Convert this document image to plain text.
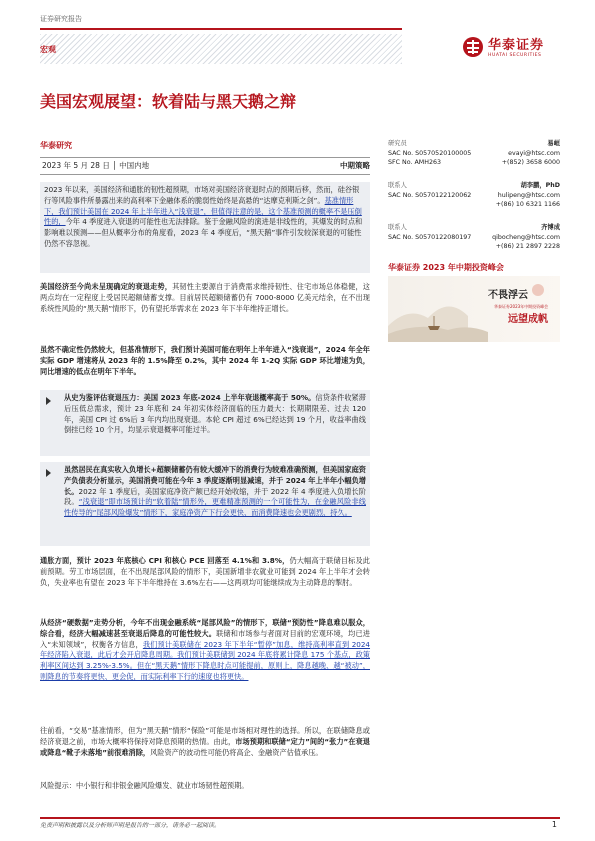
证券研究报告
宏观	华泰证券
HUATAI SECURITIES
美国宏观展望：软着陆与黑天鹅之辩
华泰研究
2023 年 5 月 28 日 │ 中国内地	中期策略
2023 年以来，美国经济和通胀的韧性超预期，市场对美国经济衰退时点的预期后移，然而，硅谷银行等风险事件所暴露出来的高利率下金融体系的脆弱性始终是高悬的“达摩克利斯之剑”。基准情形下，我们预计美国在 2024 年上半年进入“浅衰退”，但值得注意的是，这个基准预测的概率不是压倒性的，今年 4 季度进入衰退的可能性也无法排除。鉴于金融风险的演进是非线性的，其爆发的时点和影响难以预测——但从概率分布的角度看，2023 年 4 季度后，“黑天鹅”事件引发较深衰退的可能性仍然不容忽视。
美国经济至今尚未呈现确定的衰退走势，其韧性主要源自于消费需求维持韧性、住宅市场总体稳健，这两点均在一定程度上受居民超额储蓄支撑。目前居民超额储蓄仍有 7000-8000 亿美元结余，在不出现系统性风险的“黑天鹅”情形下，仍有望托举需求在 2023 年下半年维持正增长。
虽然不确定性仍然较大，但基准情形下，我们预计美国可能在明年上半年进入“浅衰退”，2024 年全年实际 GDP 增速将从 2023 年的 1.5%降至 0.2%，其中 2024 年 1-2Q 实际 GDP 环比增速为负，同比增速的低点在明年下半年。
从史为鉴评估衰退压力：美国 2023 年底-2024 上半年衰退概率高于 50%。信贷条件收紧滞后压低总需求，预计 23 年底和 24 年初实体经济面临的压力最大：长期期限差、过去 120 年，美国 CPI 过 6%后 3 年内均出现衰退。本轮 CPI 超过 6%已经达到 19 个月，收益率曲线倒挂已经 10 个月，均显示衰退概率可能过半。
虽然居民在真实收入负增长+超额储蓄仍有较大缓冲下的消费行为较难准确预测，但美国家庭资产负债表分析显示，美国消费可能在今年 3 季度逐渐明显减速，并于 2024 年上半年小幅负增长。2022 年 1 季度后，美国家庭净资产额已经开始收缩，并于 2022 年 4 季度进入负增长阶段。“浅衰退”即市场预计的“软着陆”情形外，更难精准预测的一个可能性为，在金融风险非线性传导的“尾部风险爆发”情形下，家庭净资产下行会更快、而消费降速也会更剧烈、持久。
通胀方面，预计 2023 年底核心 CPI 和核心 PCE 回落至 4.1%和 3.8%，仍大幅高于联储目标及此前预期。劳工市场层面，在不出现尾部风险的情形下，美国新增非农就业可能到 2024 年上半年才会转负，失业率也有望在 2023 年下半年维持在 3.6%左右——这两项均可能继续成为主动降息的掣肘。
从经济“硬数据”走势分析，今年不出现金融系统“尾部风险”的情形下，联储“预防性”降息难以服众，综合看，经济大幅减速甚至衰退后降息的可能性较大。联储和市场参与者面对目前的宏观环境，均已进入“未知领域”，权衡各方信息，我们预计美联储在 2023 年下半年“暂停”加息，维持高利率直到 2024 年经济陷入衰退，此后才会开启降息周期。我们预计美联储到 2024 年底将累计降息 175 个基点，政策利率区间达到 3.25%-3.5%。但在“黑天鹅”情形下降息时点可能提前，原则上，降息越晚、越“被动”，则降息的节奏将更快、更会促，而实际利率下行的速度也将更快。
往前看，“交易”基准情形，但为“黑天鹅”情形“保险”可能是市场相对理性的选择。所以，在联储降息或经济衰退之前，市场大概率将保持对降息预期的热情。由此，市场预期和联储“定力”间的“张力”在衰退或降息“靴子未落地”前很难消除，风险资产的波动性可能仍将高企、金融资产估值承压。
风险提示：中小银行和非银金融风险爆发、就业市场韧性超预期。
研究员	易峘
SAC No. S0570520100005
SFC No. AMH263
evayi@htsc.com
+(852) 3658 6000
联系人	胡李鹏，PhD
SAC No. S0570122120062	hulipeng@htsc.com
+(86) 10 6321 1166
联系人	齐博成
SAC No. S0570122080197	qibocheng@htsc.com
+(86) 21 2897 2228
华泰证券 2023 年中期投资峰会
不畏浮云
华泰证券2023年中期投资峰会
远望成帆
免责声明和披露以及分析师声明是报告的一部分，请务必一起阅读。	1
